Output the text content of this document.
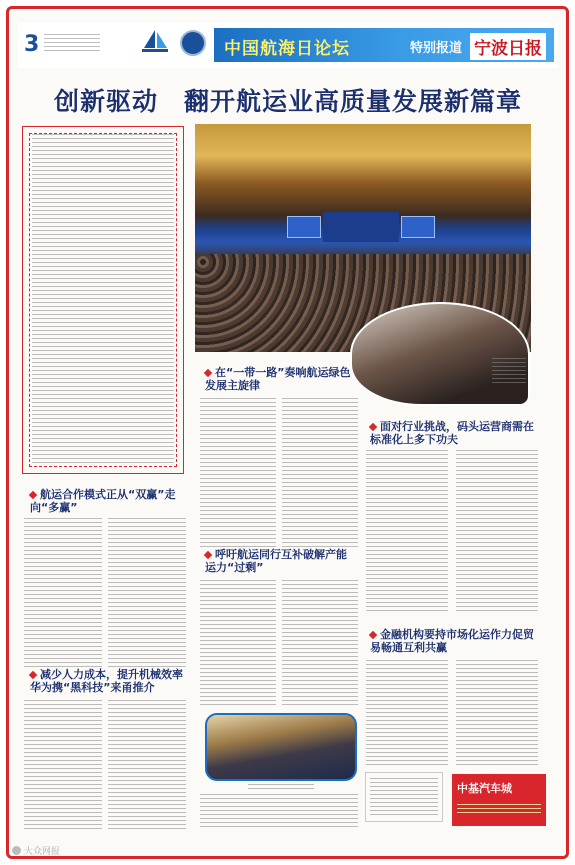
3	中国航海日论坛	特别报道 宁波日报
创新驱动　翻开航运业高质量发展新篇章
在“一带一路”奏响航运绿色发展主旋律
面对行业挑战，码头运营商需在标准化上多下功夫
航运合作模式正从“双赢”走向“多赢”
呼吁航运同行互补破解产能运力“过剩”
减少人力成本，提升机械效率华为携“黑科技”来甬推介
金融机构要持市场化运作力促贸易畅通互利共赢
中基汽车城
大众网报
